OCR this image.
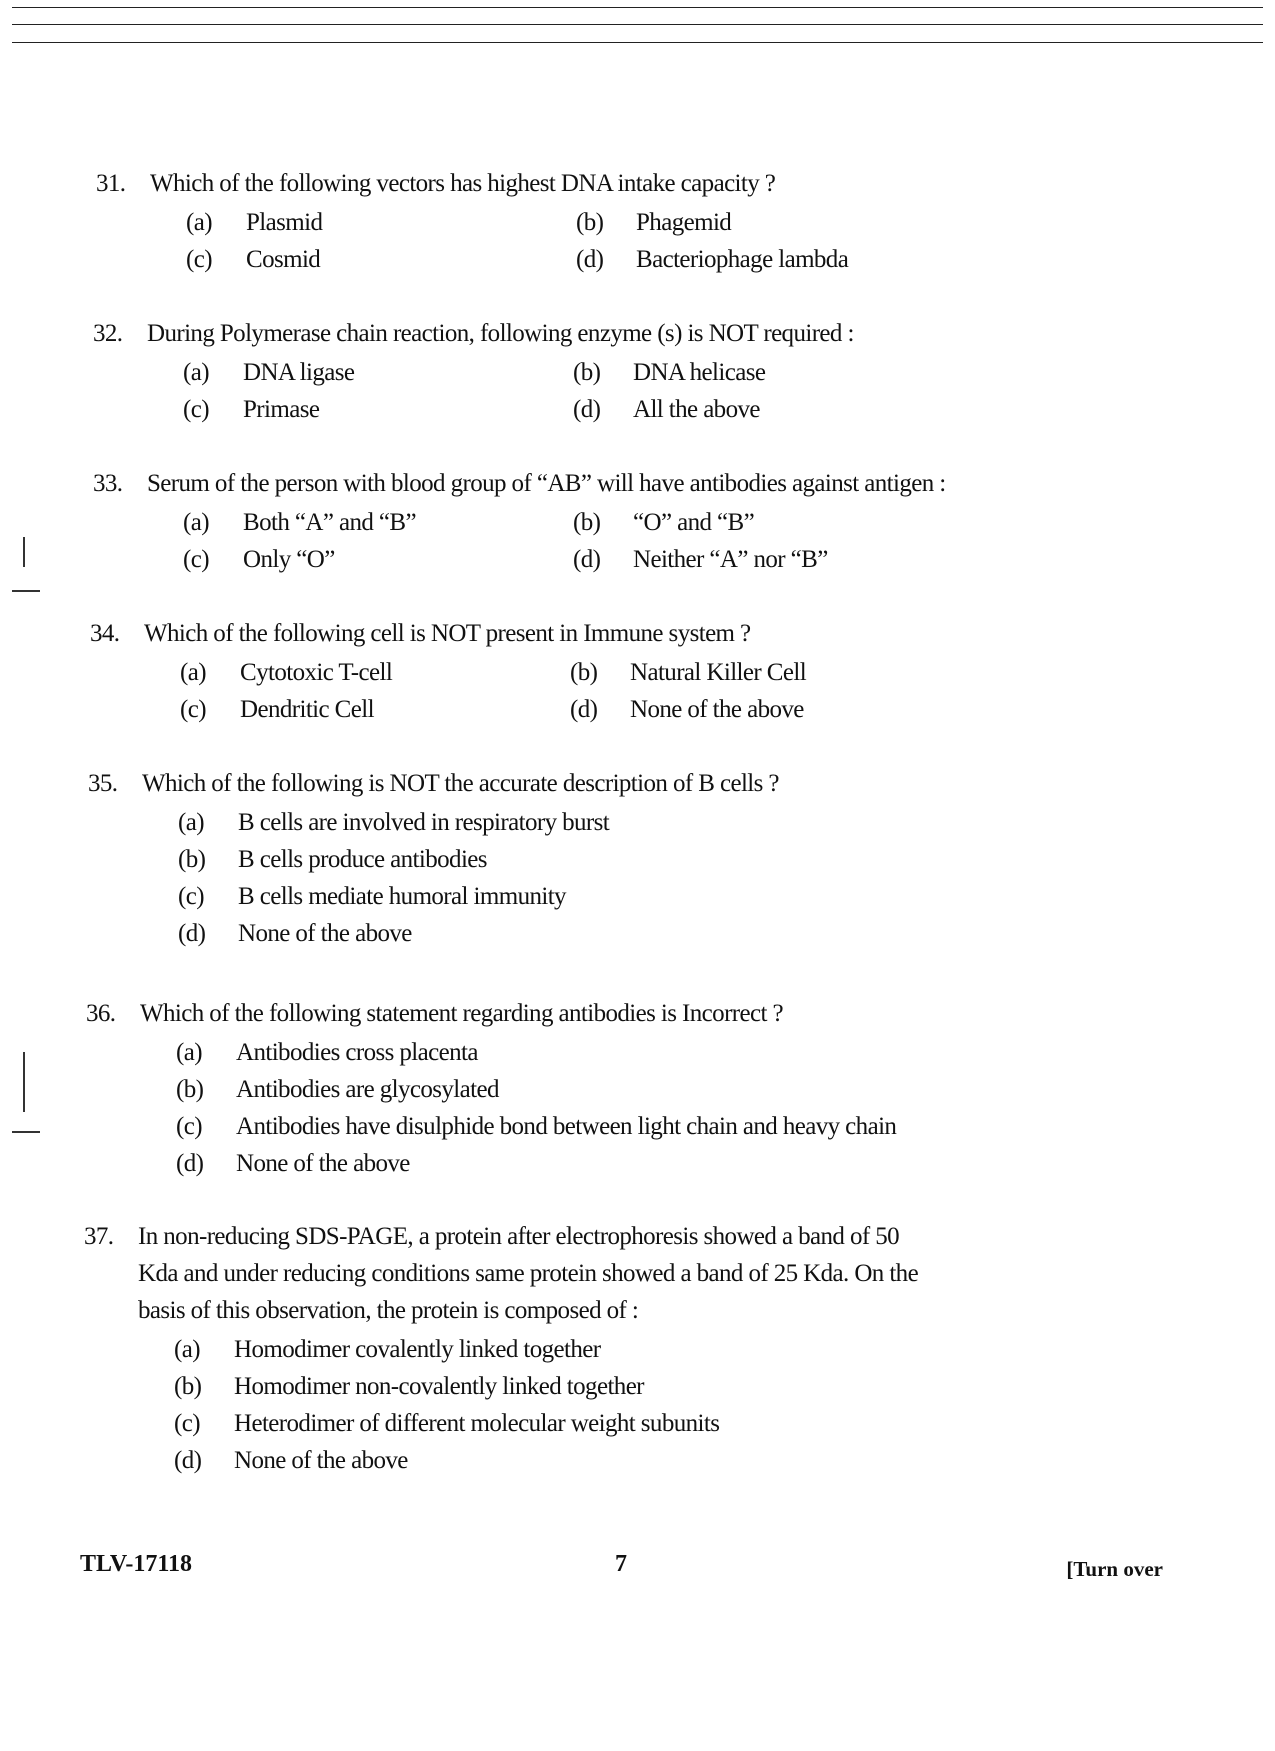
31. Which of the following vectors has highest DNA intake capacity ?
(a)	Plasmid	(b)	Phagemid
(c)	Cosmid	(d)	Bacteriophage lambda
32. During Polymerase chain reaction, following enzyme (s) is NOT required :
(a)	DNA ligase	(b)	DNA helicase
(c)	Primase	(d)	All the above
33. Serum of the person with blood group of “AB” will have antibodies against antigen :
(a)	Both “A” and “B”	(b)	“O” and “B”
(c)	Only “O”	(d)	Neither “A” nor “B”
34. Which of the following cell is NOT present in Immune system ?
(a)	Cytotoxic T-cell	(b)	Natural Killer Cell
(c)	Dendritic Cell	(d)	None of the above
35. Which of the following is NOT the accurate description of B cells ?
(a)	B cells are involved in respiratory burst
(b)	B cells produce antibodies
(c)	B cells mediate humoral immunity
(d)	None of the above
36. Which of the following statement regarding antibodies is Incorrect ?
(a)	Antibodies cross placenta
(b)	Antibodies are glycosylated
(c)	Antibodies have disulphide bond between light chain and heavy chain
(d)	None of the above
37. In non-reducing SDS-PAGE, a protein after electrophoresis showed a band of 50
Kda and under reducing conditions same protein showed a band of 25 Kda. On the
basis of this observation, the protein is composed of :
(a)	Homodimer covalently linked together
(b)	Homodimer non-covalently linked together
(c)	Heterodimer of different molecular weight subunits
(d)	None of the above
TLV-17118	7	[Turn over
